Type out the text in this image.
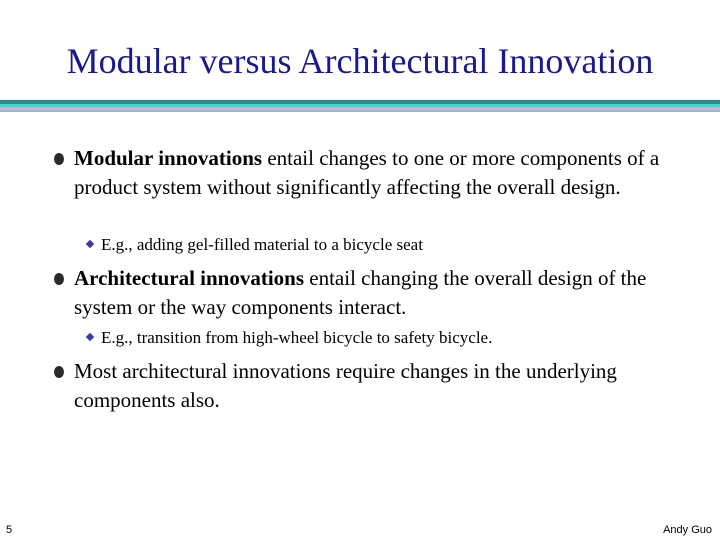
Modular versus Architectural Innovation
Modular innovations entail changes to one or more components of a product system without significantly affecting the overall design.
E.g., adding gel-filled material to a bicycle seat
Architectural innovations entail changing the overall design of the system or the way components interact.
E.g., transition from high-wheel bicycle to safety bicycle.
Most architectural innovations require changes in the underlying components also.
5	Andy Guo
